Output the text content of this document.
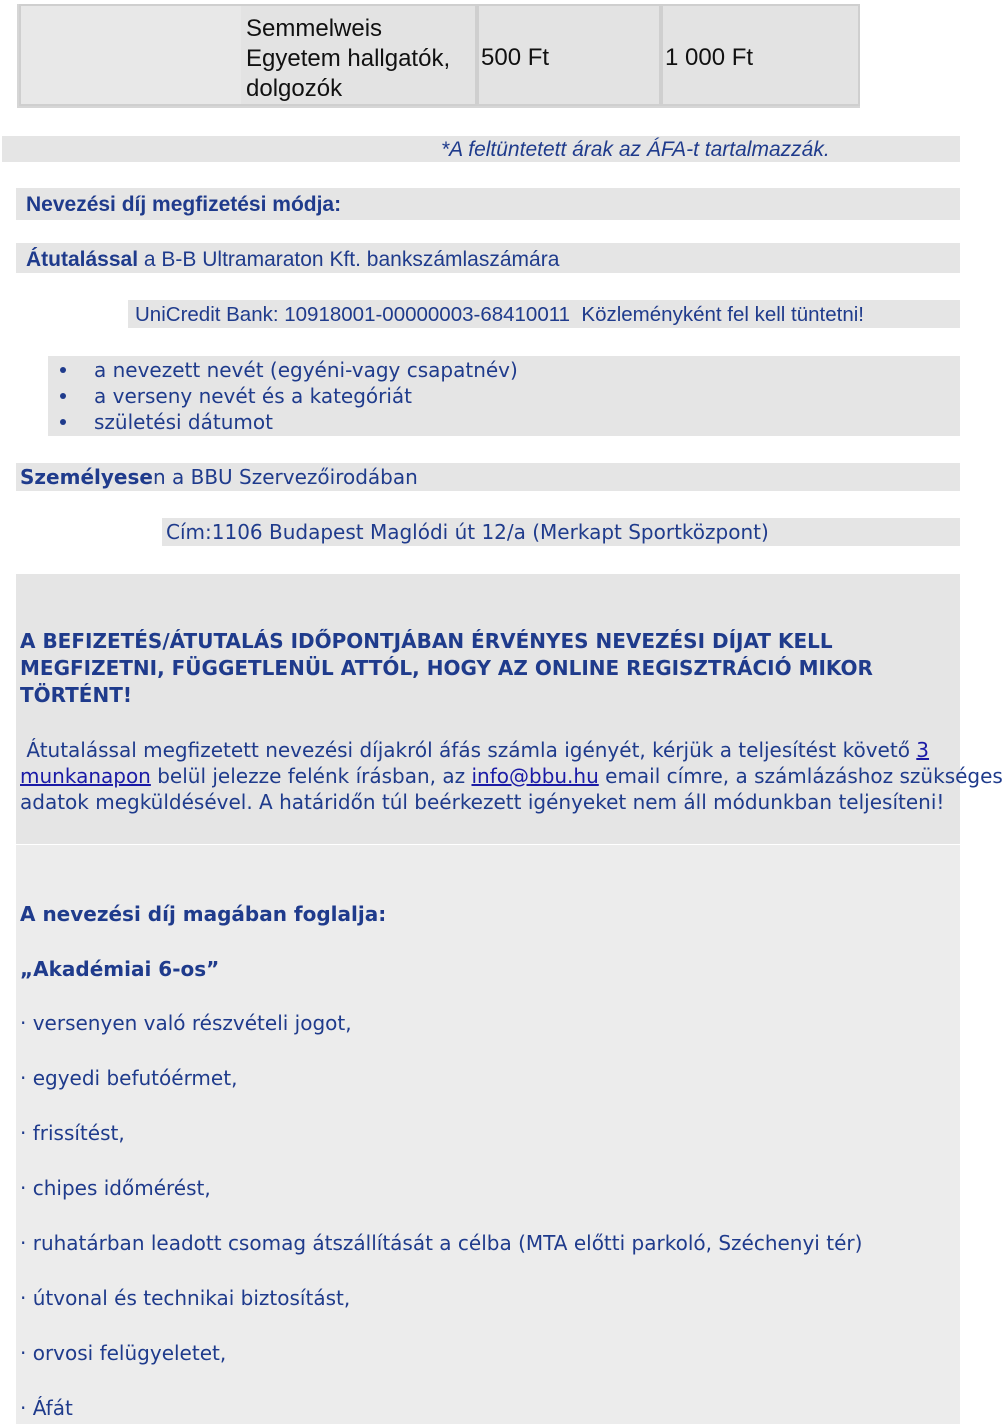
Semmelweis
Egyetem hallgatók,
dolgozók
500 Ft	1 000 Ft
*A feltüntetett árak az ÁFA-t tartalmazzák.
Nevezési díj megfizetési módja:
Átutalással a B-B Ultramaraton Kft. bankszámlaszámára
UniCredit Bank: 10918001-00000003-68410011  Közleményként fel kell tüntetni!
a nevezett nevét (egyéni-vagy csapatnév)
a verseny nevét és a kategóriát
születési dátumot
Személyesen a BBU Szervezőirodában
Cím:1106 Budapest Maglódi út 12/a (Merkapt Sportközpont)
A BEFIZETÉS/ÁTUTALÁS IDŐPONTJÁBAN ÉRVÉNYES NEVEZÉSI DÍJAT KELL
MEGFIZETNI, FÜGGETLENÜL ATTÓL, HOGY AZ ONLINE REGISZTRÁCIÓ MIKOR
TÖRTÉNT!
Átutalással megfizetett nevezési díjakról áfás számla igényét, kérjük a teljesítést követő 3
munkanapon belül jelezze felénk írásban, az info@bbu.hu email címre, a számlázáshoz szükséges
adatok megküldésével. A határidőn túl beérkezett igényeket nem áll módunkban teljesíteni!
A nevezési díj magában foglalja:
„Akadémiai 6-os”
· versenyen való részvételi jogot,
· egyedi befutóérmet,
· frissítést,
· chipes időmérést,
· ruhatárban leadott csomag átszállítását a célba (MTA előtti parkoló, Széchenyi tér)
· útvonal és technikai biztosítást,
· orvosi felügyeletet,
· Áfát
